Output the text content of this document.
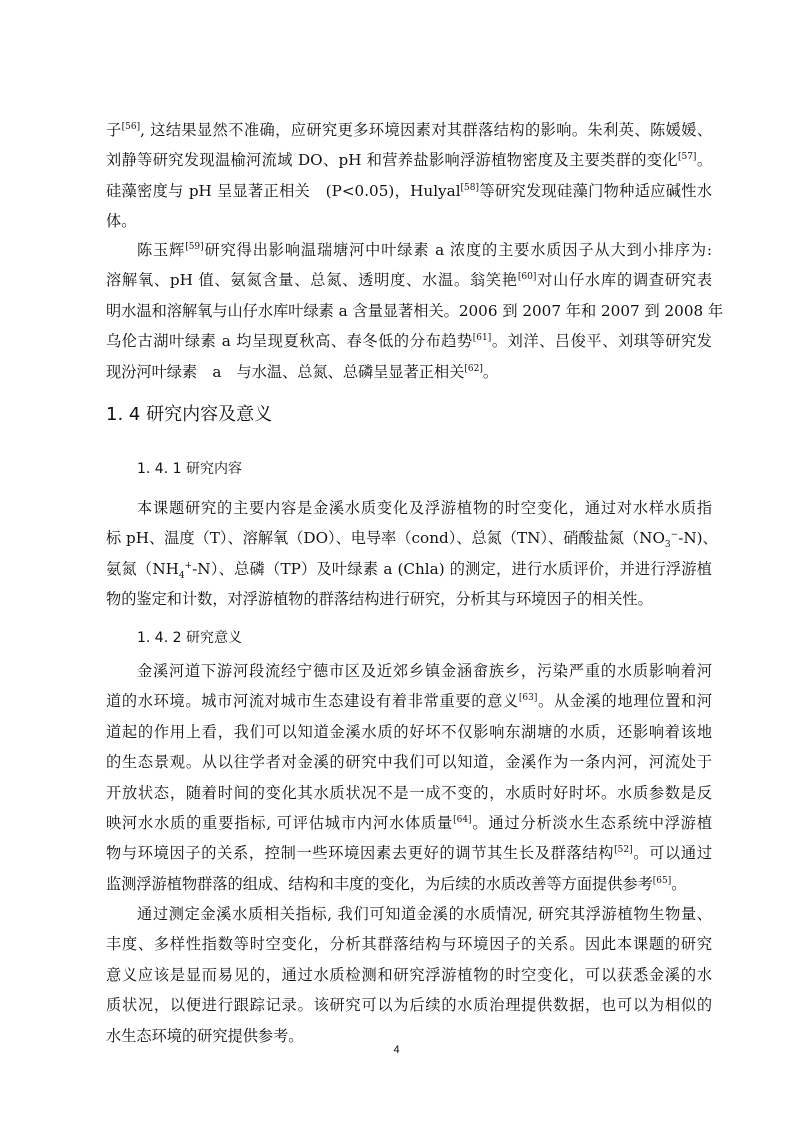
子[56], 这结果显然不准确，应研究更多环境因素对其群落结构的影响。朱利英、陈媛媛、
刘静等研究发现温榆河流域 DO、pH 和营养盐影响浮游植物密度及主要类群的变化[57]。
硅藻密度与 pH 呈显著正相关　(P<0.05)，Hulyal[58]等研究发现硅藻门物种适应碱性水
体。
陈玉辉[59]研究得出影响温瑞塘河中叶绿素 a 浓度的主要水质因子从大到小排序为:
溶解氧、pH 值、氨氮含量、总氮、透明度、水温。翁笑艳[60]对山仔水库的调查研究表
明水温和溶解氧与山仔水库叶绿素 a 含量显著相关。2006 到 2007 年和 2007 到 2008 年
乌伦古湖叶绿素 a 均呈现夏秋高、春冬低的分布趋势[61]。刘洋、吕俊平、刘琪等研究发
现汾河叶绿素　a　与水温、总氮、总磷呈显著正相关[62]。
1. 4 研究内容及意义
1. 4. 1 研究内容
本课题研究的主要内容是金溪水质变化及浮游植物的时空变化，通过对水样水质指
标 pH、温度（T）、溶解氧（DO）、电导率（cond）、总氮（TN）、硝酸盐氮$(NO_3^--N)$、
氨氮$(NH_4^+-N)$、总磷（TP）及叶绿素 a (Chla) 的测定，进行水质评价，并进行浮游植
物的鉴定和计数，对浮游植物的群落结构进行研究，分析其与环境因子的相关性。
1. 4. 2 研究意义
金溪河道下游河段流经宁德市区及近郊乡镇金涵畲族乡，污染严重的水质影响着河
道的水环境。城市河流对城市生态建设有着非常重要的意义[63]。从金溪的地理位置和河
道起的作用上看，我们可以知道金溪水质的好坏不仅影响东湖塘的水质，还影响着该地
的生态景观。从以往学者对金溪的研究中我们可以知道，金溪作为一条内河，河流处于
开放状态，随着时间的变化其水质状况不是一成不变的，水质时好时坏。水质参数是反
映河水水质的重要指标, 可评估城市内河水体质量[64]。通过分析淡水生态系统中浮游植
物与环境因子的关系，控制一些环境因素去更好的调节其生长及群落结构[52]。可以通过
监测浮游植物群落的组成、结构和丰度的变化，为后续的水质改善等方面提供参考[65]。
通过测定金溪水质相关指标, 我们可知道金溪的水质情况, 研究其浮游植物生物量、
丰度、多样性指数等时空变化，分析其群落结构与环境因子的关系。因此本课题的研究
意义应该是显而易见的，通过水质检测和研究浮游植物的时空变化，可以获悉金溪的水
质状况，以便进行跟踪记录。该研究可以为后续的水质治理提供数据，也可以为相似的
水生态环境的研究提供参考。
4
